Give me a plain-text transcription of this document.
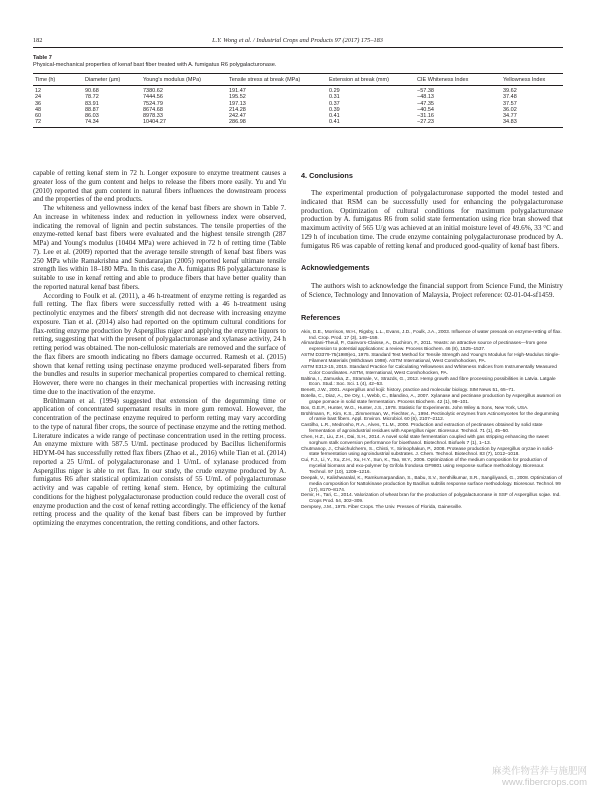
182	L.Y. Wong et al. / Industrial Crops and Products 97 (2017) 175–183
Table 7
Physical-mechanical properties of kenaf bast fiber treated with A. fumigatus R6 polygalacturonase.
Time (h)	Diameter (µm)	Young's modulus (MPa)	Tensile stress at break (MPa)	Extension at break (mm)	CIE Whiteness Index	Yellowness Index
12	90.68	7380.62	191.47	0.29	−57.38	39.62
24	78.72	7444.56	195.52	0.31	−48.13	37.48
36	83.91	7524.79	197.13	0.37	−47.35	37.57
48	88.87	8674.68	214.28	0.39	−40.54	36.02
60	86.03	8978.33	242.47	0.41	−31.16	34.77
72	74.34	10404.27	286.98	0.41	−27.23	34.83

capable of retting kenaf stem in 72 h. Longer exposure to enzyme treatment causes a greater loss of the gum content and helps to release the fibers more easily. Yu and Yu (2010) reported that gum content in natural fibers influences the downstream process and the properties of the end products.

The whiteness and yellowness index of the kenaf bast fibers are shown in Table 7. An increase in whiteness index and reduction in yellowness index were observed, indicating the removal of lignin and pectin substances. The tensile properties of the enzyme-retted kenaf bast fibers were evaluated and the highest tensile strength (287 MPa) and Young's modulus (10404 MPa) were achieved in 72 h of retting time (Table 7). Lee et al. (2009) reported that the average tensile strength of kenaf bast fibers was 250 MPa while Ramakrishna and Sundararajan (2005) reported kenaf ultimate tensile strength lies within 18–180 MPa. In this case, the A. fumigatus R6 polygalacturonase is suitable to use in kenaf retting and able to produce fibers that have better quality than the reported natural kenaf bast fibers.

According to Foulk et al. (2011), a 46 h-treatment of enzyme retting is regarded as full retting. The flax fibers were successfully retted with a 46 h-treatment using pectinolytic enzymes and the fibers' strength did not decrease with increasing enzyme exposure. Tian et al. (2014) also had reported on the optimum cultural conditions for flax-retting enzyme production by Aspergillus niger and applying the enzyme liquors to retting, suggesting that with the present of polygalacturonase and xylanase activity, 24 h retting period was obtained. The non-cellulosic materials are removed and the surface of the flax fibers are smooth indicating no fibers damage occurred. Ramesh et al. (2015) shown that kenaf retting using pectinase enzyme produced well-separated fibers from the bundles and results in superior mechanical properties compared to chemical retting. However, there were no changes in their mechanical properties with increasing retting time due to the inactivation of the enzyme.

Brühlmann et al. (1994) suggested that extension of the degumming time or application of concentrated supernatant results in more gum removal. However, the concentration of the pectinase enzyme required to perform retting may vary according to the type of natural fiber crops, the source of pectinase enzyme and the retting method. Literature indicates a wide range of pectinase concentration used in the retting process. An enzyme mixture with 587.5 U/mL pectinase produced by Bacillus licheniformis HDYM-04 has successfully retted flax fibers (Zhao et al., 2016) while Tian et al. (2014) reported a 25 U/mL of polygalacturonase and 1 U/mL of xylanase produced from Aspergillus niger is able to ret flax. In our study, the crude enzyme produced by A. fumigatus R6 after statistical optimization consists of 55 U/mL of polygalacturonase activity and was capable of retting kenaf stem. Hence, by optimizing the cultural conditions for the highest polygalacturonase production could reduce the overall cost of enzyme production and the cost of kenaf retting accordingly. The efficiency of the kenaf retting process and the quality of the kenaf bast fibers can be improved by further optimizing the enzymes concentration, the retting conditions, and other factors.

4. Conclusions

The experimental production of polygalacturonase supported the model tested and indicated that RSM can be successfully used for enhancing the polygalacturonase production. Optimization of cultural conditions for maximum polygalacturonase production by A. fumigatus R6 from solid state fermentation using rice bran showed that maximum activity of 565 U/g was achieved at an initial moisture level of 49.6%, 33 °C and 129 h of incubation time. The crude enzyme containing polygalacturonase produced by A. fumigatus R6 was capable of retting kenaf and produced good-quality of kenaf bast fibers.

Acknowledgements

The authors wish to acknowledge the financial support from Science Fund, the Ministry of Science, Technology and Innovation of Malaysia, Project reference: 02-01-04-sf1459.

References
Akin, D.E., Morrison, W.H., Rigsby, L.L., Evans, J.D., Foulk, J.A., 2003. Influence of water presoak on enzyme-retting of flax. Ind. Crop. Prod. 17 (3), 149–159.
Alimardani-Theuil, P., Gainvors-Claisse, A., Duchiron, F., 2011. Yeasts: an attractive source of pectinases—from gene expression to potential applications: a review. Process Biochem. 46 (8), 1525–1537.
ASTM D3379-75(1989)e1, 1975. Standard Test Method for Tensile Strength and Young's Modulus for High-Modulus Single-Filament Materials (Withdrawn 1998). ASTM International, West Conshohocken, PA.
ASTM E313-15, 2015. Standard Practice for Calculating Yellowness and Whiteness Indices from Instrumentally Measured Color Coordinates. ASTM, International, West Conshohocken, PA.
Baltina, I., Zamuska, Z., Stramale, V., Strazds, G., 2012. Hemp growth and fibre processing possibilities in Latvia. Latgale Econ. Stud.: Soc. Sci. 1 (4), 42–53.
Benett, J.W., 2001. Aspergillus and kojii: history, practice and molecular biology. SIM News 51, 65–71.
Botella, C., Diaz, A., De Ory, I., Webb, C., Blandino, A., 2007. Xylanase and pectinase production by Aspergillus awamori on grape pomace in solid state fermentation. Process Biochem. 42 (1), 98–101.
Box, G.E.P., Hunter, W.G., Hunter, J.S., 1978. Statistic for Experiments. John Wiley & Sons, New York, USA.
Brühlmann, F., Kim, K.S., Zimmerman, W., Fiechter, A., 1994. Pectinolytic enzymes from Actinomycetes for the degumming of ramie bast fibers. Appl. Environ. Microbiol. 60 (6), 2107–2112.
Castilho, L.R., Medronho, R.A., Alves, T.L.M., 2000. Production and extraction of pectinases obtained by solid state fermentation of agroindustrial residues with Aspergillus niger. Bioresour. Technol. 71 (1), 45–50.
Chen, H.Z., Liu, Z.H., Dai, S.H., 2014. A novel solid state fermentation coupled with gas stripping enhancing the sweet sorghum stalk conversion performance for bioethanol. Biotechnol. Biofuels 7 (1), 1–13.
Chutmanop, J., Chuichulcherm, S., Chisti, Y., Sirinophakun, P., 2008. Protease production by Aspergillus oryzae in solid-state fermentation using agroindustrial substrates. J. Chem. Technol. Biotechnol. 83 (7), 1012–1018.
Cui, F.J., Li, Y., Xu, Z.H., Xu, H.Y., Sun, K., Tao, W.Y., 2006. Optimization of the medium composition for production of mycelial biomass and exo-polymer by Grifola frondosa GF9801 using response surface methodology. Bioresour. Technol. 97 (10), 1209–1216.
Deepak, V., Kalishwaralal, K., Ramkumarpandian, S., Babu, S.V., Senthilkumar, S.R., Sangiliyandi, G., 2008. Optimization of media composition for Nattokinase production by Bacillus subtilis response surface methodology. Bioresour. Technol. 99 (17), 8170–8174.
Demir, H., Tari, C., 2014. Valorization of wheat bran for the production of polygalacturonase in SSF of Aspergillus sojae. Ind. Crops Prod. 54, 302–309.
Dempsey, J.M., 1975. Fiber Crops. The Univ. Presses of Florida, Gainesville.
麻类作物营养与施肥网
www.fibercrops.com
